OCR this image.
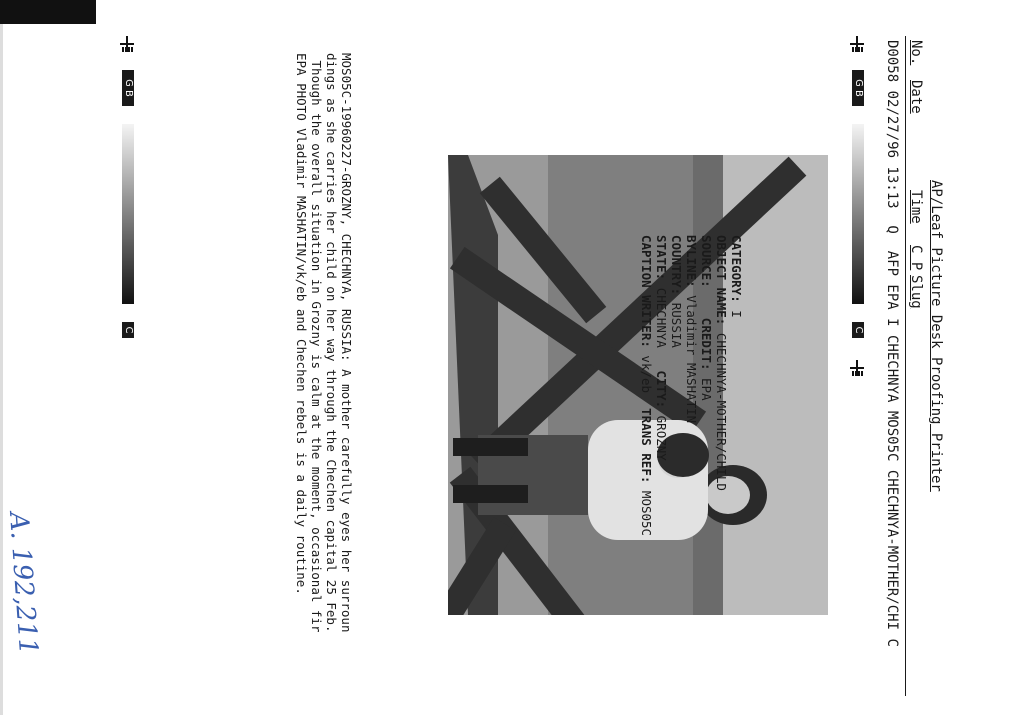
AP/Leaf Picture Desk Proofing Printer
No.
Date
Time
C P
Slug
D0058 02/27/96 13:13  Q  AFP EPA I CHECHNYA MOS05C CHECHNYA-MOTHER/CHI C
G B
C
G B
C
CATEGORY: I
OBJECT NAME: CHECHNYA-MOTHER/CHILD
SOURCE:    CREDIT: EPA
BYLINE: Vladimir MASHATIN
COUNTRY: RUSSIA
STATE: CHECHNYA   CITY: GROZNY
CAPTION WRITER: vk/eb  TRANS REF: MOS05C
MOS05C-19960227-GROZNY, CHECHNYA, RUSSIA: A mother carefully eyes her surroun
dings as she carries her child on her way through the Chechen capital 25 Feb.
Though the overall situation in Grozny is calm at the moment, occasional fir
EPA PHOTO Vladimir MASHATIN/vk/eb and Chechen rebels is a daily routine.
A. 192,211
